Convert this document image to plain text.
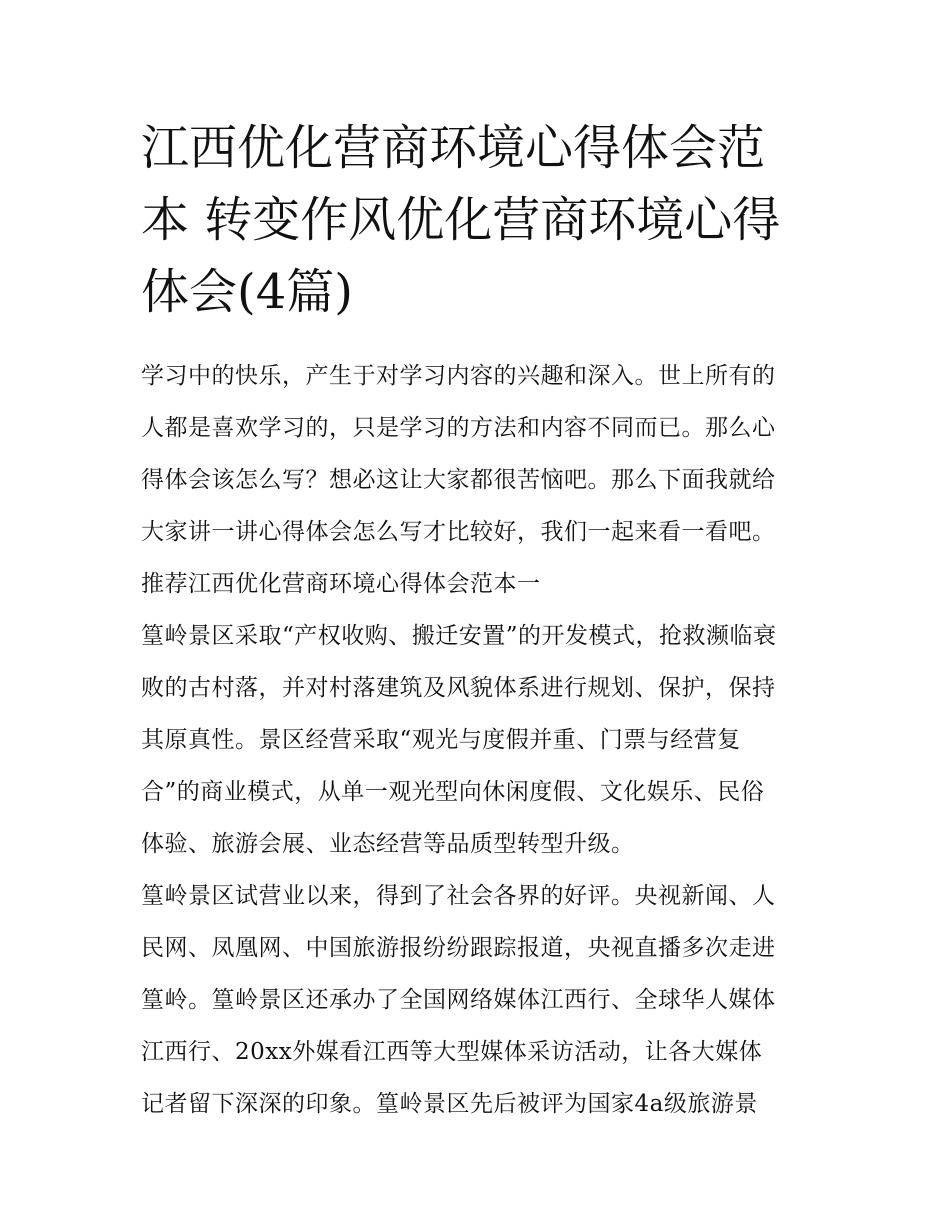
江西优化营商环境心得体会范
本 转变作风优化营商环境心得
体会(4篇)
学习中的快乐，产生于对学习内容的兴趣和深入。世上所有的
人都是喜欢学习的，只是学习的方法和内容不同而已。那么心
得体会该怎么写？想必这让大家都很苦恼吧。那么下面我就给
大家讲一讲心得体会怎么写才比较好，我们一起来看一看吧。
推荐江西优化营商环境心得体会范本一
篁岭景区采取“产权收购、搬迁安置”的开发模式，抢救濒临衰
败的古村落，并对村落建筑及风貌体系进行规划、保护，保持
其原真性。景区经营采取“观光与度假并重、门票与经营复
合”的商业模式，从单一观光型向休闲度假、文化娱乐、民俗
体验、旅游会展、业态经营等品质型转型升级。
篁岭景区试营业以来，得到了社会各界的好评。央视新闻、人
民网、凤凰网、中国旅游报纷纷跟踪报道，央视直播多次走进
篁岭。篁岭景区还承办了全国网络媒体江西行、全球华人媒体
江西行、20xx外媒看江西等大型媒体采访活动，让各大媒体
记者留下深深的印象。篁岭景区先后被评为国家4a级旅游景
